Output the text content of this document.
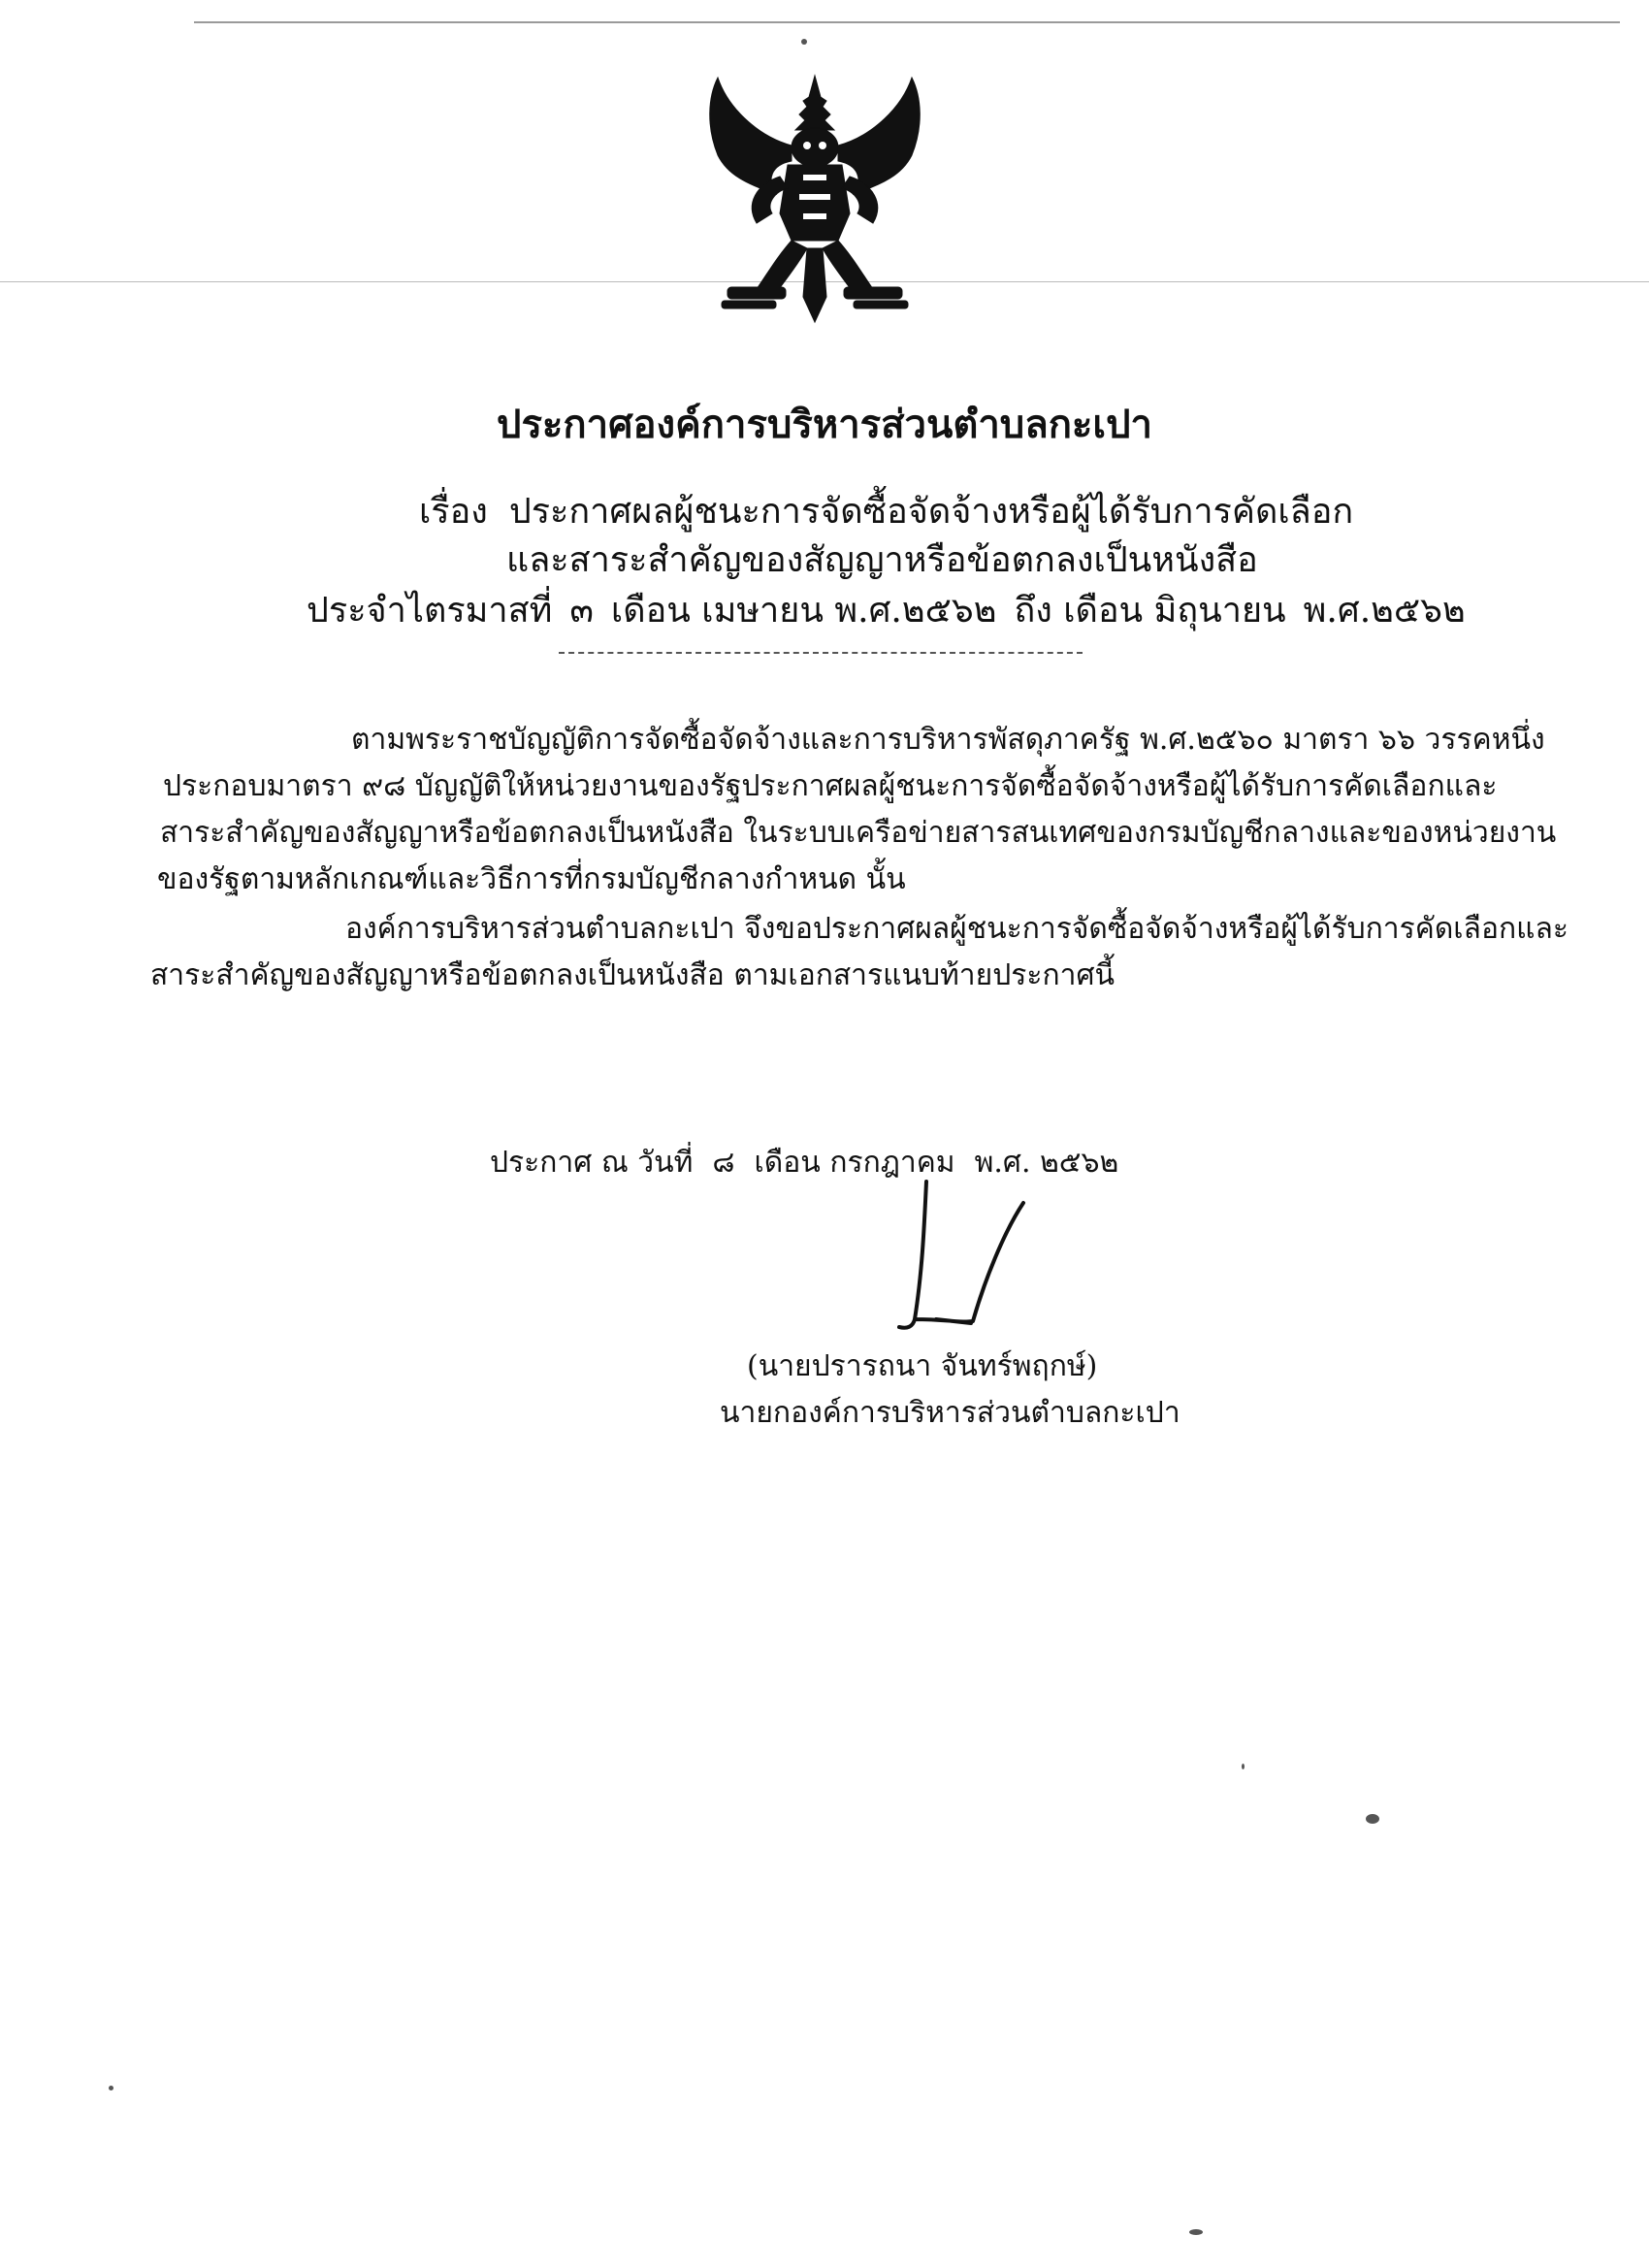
ประกาศองค์การบริหารส่วนตำบลกะเปา
เรื่อง ประกาศผลผู้ชนะการจัดซื้อจัดจ้างหรือผู้ได้รับการคัดเลือก
และสาระสำคัญของสัญญาหรือข้อตกลงเป็นหนังสือ
ประจำไตรมาสที่ ๓ เดือน เมษายน พ.ศ.๒๕๖๒ ถึง เดือน มิถุนายน พ.ศ.๒๕๖๒
ตามพระราชบัญญัติการจัดซื้อจัดจ้างและการบริหารพัสดุภาครัฐ พ.ศ.๒๕๖๐ มาตรา ๖๖ วรรคหนึ่ง
ประกอบมาตรา ๙๘ บัญญัติให้หน่วยงานของรัฐประกาศผลผู้ชนะการจัดซื้อจัดจ้างหรือผู้ได้รับการคัดเลือกและ
สาระสำคัญของสัญญาหรือข้อตกลงเป็นหนังสือ ในระบบเครือข่ายสารสนเทศของกรมบัญชีกลางและของหน่วยงาน
ของรัฐตามหลักเกณฑ์และวิธีการที่กรมบัญชีกลางกำหนด นั้น
องค์การบริหารส่วนตำบลกะเปา จึงขอประกาศผลผู้ชนะการจัดซื้อจัดจ้างหรือผู้ได้รับการคัดเลือกและ
สาระสำคัญของสัญญาหรือข้อตกลงเป็นหนังสือ ตามเอกสารแนบท้ายประกาศนี้
ประกาศ ณ วันที่ ๘ เดือน กรกฎาคม พ.ศ. ๒๕๖๒
(นายปรารถนา จันทร์พฤกษ์)
นายกองค์การบริหารส่วนตำบลกะเปา
